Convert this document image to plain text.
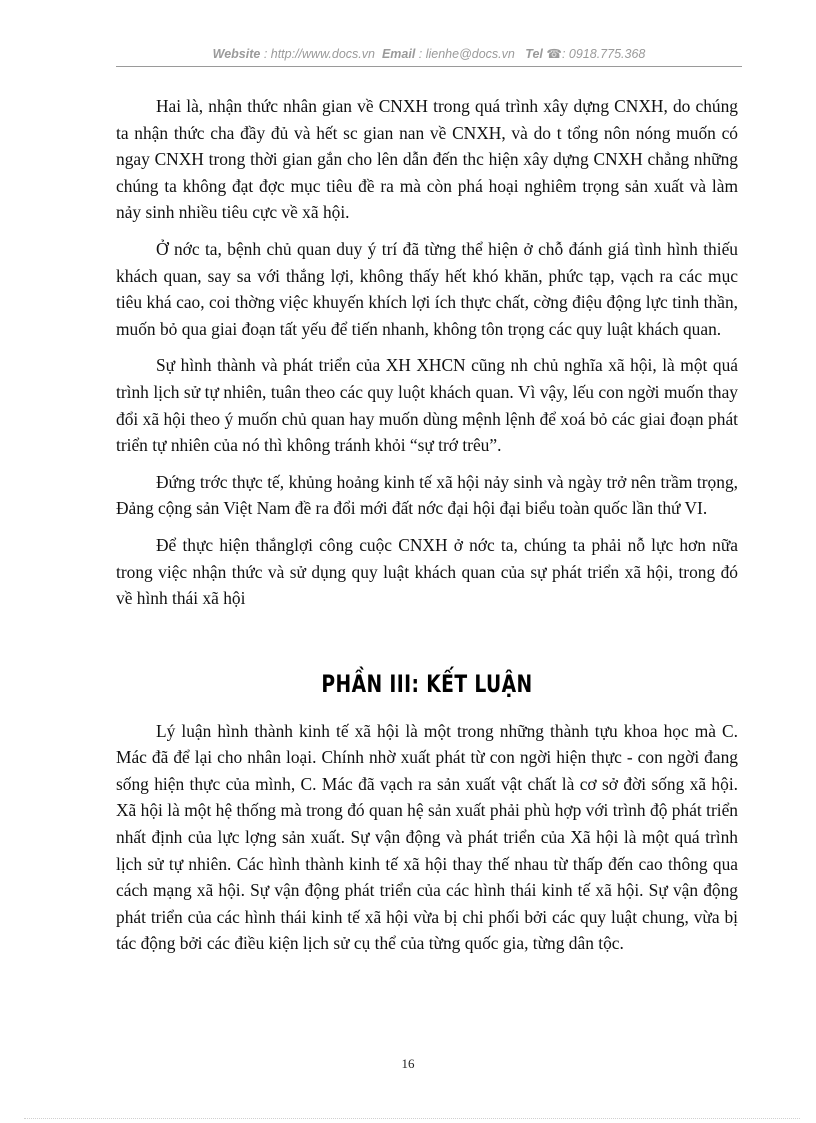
Website : http://www.docs.vn Email : lienhe@docs.vn Tel ☎: 0918.775.368

Hai là, nhận thức nhân gian về CNXH trong quá trình xây dựng CNXH, do chúng ta nhận thức cha đầy đủ và hết sc gian nan về CNXH, và do t tổng nôn nóng muốn có ngay CNXH trong thời gian gắn cho lên dẫn đến thc hiện xây dựng CNXH chẳng những chúng ta không đạt đợc mục tiêu đề ra mà còn phá hoại nghiêm trọng sản xuất và làm nảy sinh nhiều tiêu cực về xã hội.

Ở nớc ta, bệnh chủ quan duy ý trí đã từng thể hiện ở chỗ đánh giá tình hình thiếu khách quan, say sa với thắng lợi, không thấy hết khó khăn, phức tạp, vạch ra các mục tiêu khá cao, coi thờng việc khuyến khích lợi ích thực chất, cờng điệu động lực tinh thần, muốn bỏ qua giai đoạn tất yếu để tiến nhanh, không tôn trọng các quy luật khách quan.

Sự hình thành và phát triển của XH XHCN cũng nh chủ nghĩa xã hội, là một quá trình lịch sử tự nhiên, tuân theo các quy luột khách quan. Vì vậy, lếu con ngời muốn thay đổi xã hội theo ý muốn chủ quan hay muốn dùng mệnh lệnh để xoá bỏ các giai đoạn phát triển tự nhiên của nó thì không tránh khỏi “sự trớ trêu”.

Đứng trớc thực tế, khủng hoảng kinh tế xã hội nảy sinh và ngày trở nên trầm trọng, Đảng cộng sản Việt Nam đề ra đổi mới đất nớc đại hội đại biểu toàn quốc lần thứ VI.

Để thực hiện thắnglợi công cuộc CNXH ở nớc ta, chúng ta phải nỗ lực hơn nữa trong việc nhận thức và sử dụng quy luật khách quan của sự phát triển xã hội, trong đó về hình thái xã hội

PHẦN III: KẾT LUẬN

Lý luận hình thành kinh tế xã hội là một trong những thành tựu khoa học mà C. Mác đã để lại cho nhân loại. Chính nhờ xuất phát từ con ngời hiện thực - con ngời đang sống hiện thực của mình, C. Mác đã vạch ra sản xuất vật chất là cơ sở đời sống xã hội. Xã hội là một hệ thống mà trong đó quan hệ sản xuất phải phù hợp với trình độ phát triển nhất định của lực lợng sản xuất. Sự vận động và phát triển của Xã hội là một quá trình lịch sử tự nhiên. Các hình thành kinh tế xã hội thay thế nhau từ thấp đến cao thông qua cách mạng xã hội. Sự vận động phát triển của các hình thái kinh tế xã hội. Sự vận động phát triển của các hình thái kinh tế xã hội vừa bị chi phối bởi các quy luật chung, vừa bị tác động bởi các điều kiện lịch sử cụ thể của từng quốc gia, từng dân tộc.

16
